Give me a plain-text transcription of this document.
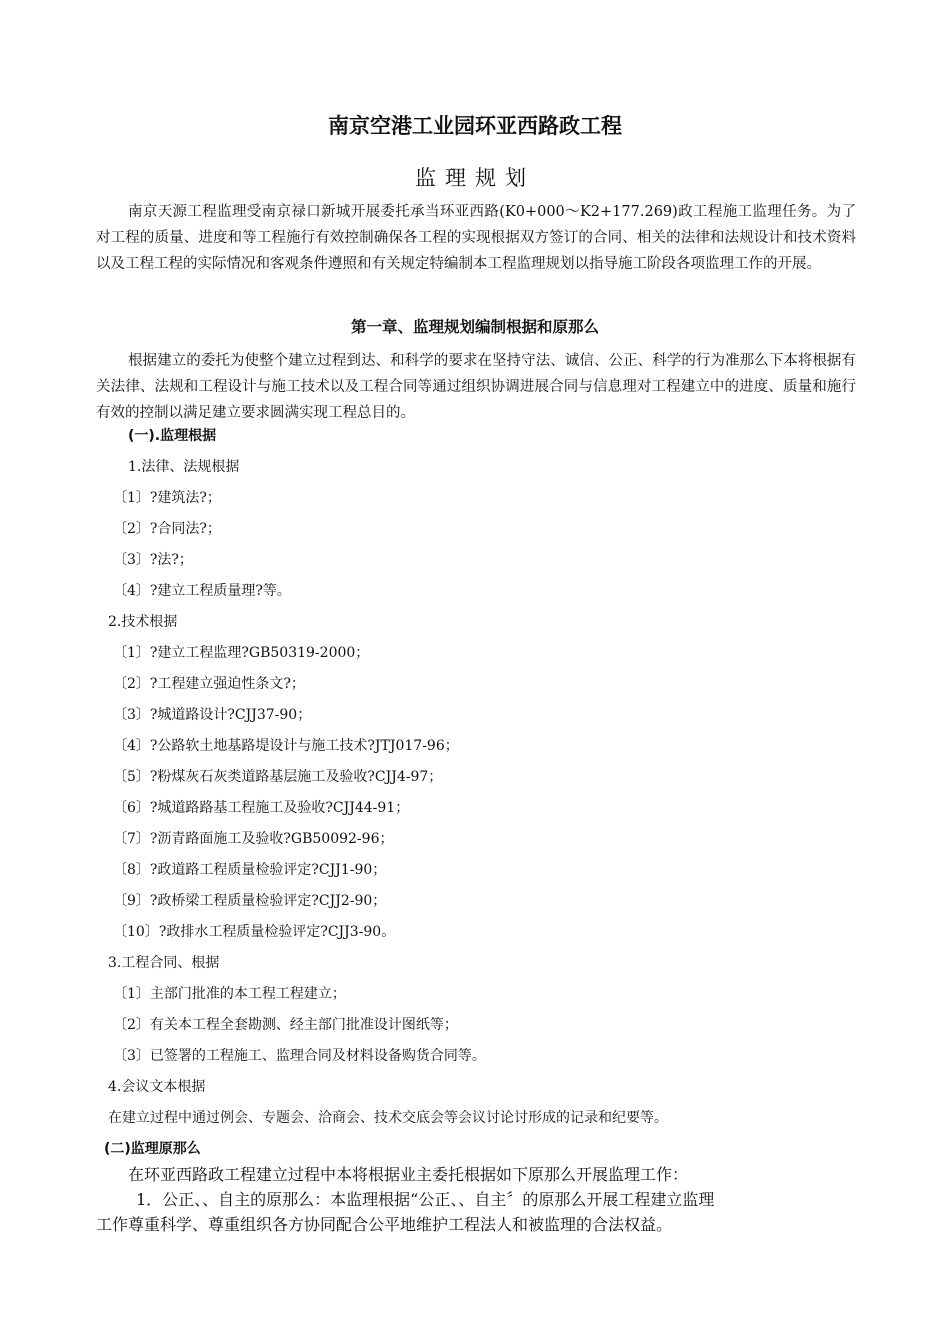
南京空港工业园环亚西路政工程
监理规划
南京天源工程监理受南京禄口新城开展委托承当环亚西路(K0+000～K2+177.269)政工程施工监理任务。为了对工程的质量、进度和等工程施行有效控制确保各工程的实现根据双方签订的合同、相关的法律和法规设计和技术资料以及工程工程的实际情况和客观条件遵照和有关规定特编制本工程监理规划以指导施工阶段各项监理工作的开展。
第一章、监理规划编制根据和原那么
根据建立的委托为使整个建立过程到达、和科学的要求在坚持守法、诚信、公正、科学的行为准那么下本将根据有关法律、法规和工程设计与施工技术以及工程合同等通过组织协调进展合同与信息理对工程建立中的进度、质量和施行有效的控制以满足建立要求圆满实现工程总目的。
(一).监理根据
1.法律、法规根据
〔1〕?建筑法?；
〔2〕?合同法?；
〔3〕?法?；
〔4〕?建立工程质量理?等。
2.技术根据
〔1〕?建立工程监理?GB50319-2000；
〔2〕?工程建立强迫性条文?；
〔3〕?城道路设计?CJJ37-90；
〔4〕?公路软土地基路堤设计与施工技术?JTJ017-96；
〔5〕?粉煤灰石灰类道路基层施工及验收?CJJ4-97；
〔6〕?城道路路基工程施工及验收?CJJ44-91；
〔7〕?沥青路面施工及验收?GB50092-96；
〔8〕?政道路工程质量检验评定?CJJ1-90；
〔9〕?政桥梁工程质量检验评定?CJJ2-90；
〔10〕?政排水工程质量检验评定?CJJ3-90。
3.工程合同、根据
〔1〕主部门批准的本工程工程建立；
〔2〕有关本工程全套勘测、经主部门批准设计图纸等；
〔3〕已签署的工程施工、监理合同及材料设备购货合同等。
4.会议文本根据
在建立过程中通过例会、专题会、洽商会、技术交底会等会议讨论讨形成的记录和纪要等。
(二)监理原那么
在环亚西路政工程建立过程中本将根据业主委托根据如下原那么开展监理工作：
1．公正、、自主的原那么：本监理根据“公正、、自主〞的原那么开展工程建立监理
工作尊重科学、尊重组织各方协同配合公平地维护工程法人和被监理的合法权益。
